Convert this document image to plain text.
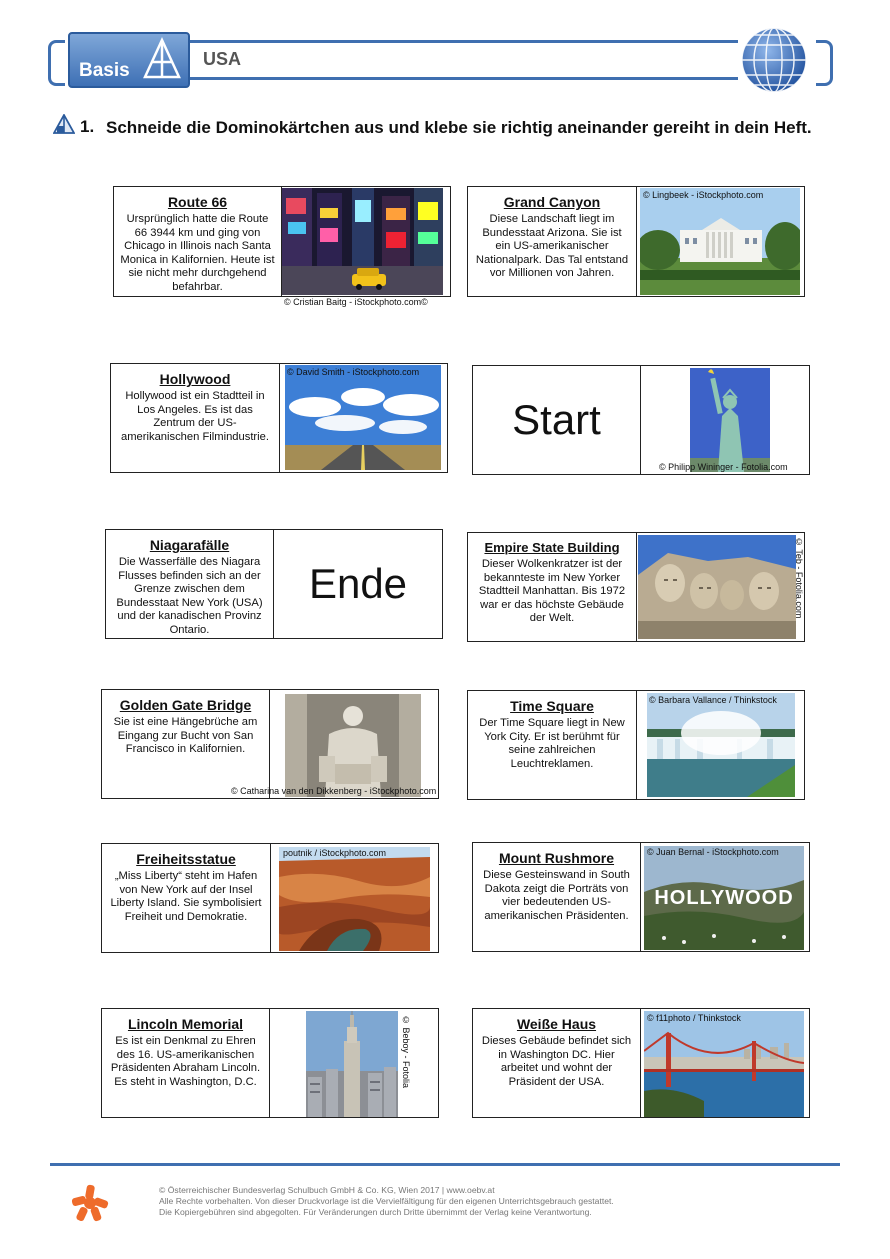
Basis
USA
1. Schneide die Dominokärtchen aus und klebe sie richtig aneinander gereiht in dein Heft.
Route 66
Ursprünglich hatte die Route 66 3944 km und ging von Chicago in Illinois nach Santa Monica in Kalifornien. Heute ist sie nicht mehr durchgehend befahrbar.
© Cristian Baitg - iStockphoto.com©
Grand Canyon
Diese Landschaft liegt im Bundesstaat Arizona. Sie ist ein US-amerikanischer Nationalpark. Das Tal entstand vor Millionen von Jahren.
© Lingbeek - iStockphoto.com
Hollywood
Hollywood ist ein Stadtteil in Los Angeles. Es ist das Zentrum der US-amerikanischen Filmindustrie.
© David Smith - iStockphoto.com
Start
© Philipp Wininger - Fotolia.com
Niagarafälle
Die Wasserfälle des Niagara Flusses befinden sich an der Grenze zwischen dem Bundesstaat New York (USA) und der kanadischen Provinz Ontario.
Ende
Empire State Building
Dieser Wolkenkratzer ist der bekannteste im New Yorker Stadtteil Manhattan. Bis 1972 war er das höchste Gebäude der Welt.	© Teb - Fotolia.com
Golden Gate Bridge
Sie ist eine Hängebrüche am Eingang zur Bucht von San Francisco in Kalifornien.
© Catharina van den Dikkenberg - iStockphoto.com
Time Square
Der Time Square liegt in New York City. Er ist berühmt für seine zahlreichen Leuchtreklamen.
© Barbara Vallance / Thinkstock
Freiheitsstatue
„Miss Liberty“ steht im Hafen von New York auf der Insel Liberty Island. Sie symbolisiert Freiheit und Demokratie.
poutnik / iStockphoto.com	Mount Rushmore
Diese Gesteinswand in South Dakota zeigt die Porträts von vier bedeutenden US-amerikanischen Präsidenten.
HOLLYWOOD
© Juan Bernal - iStockphoto.com
Lincoln Memorial
Es ist ein Denkmal zu Ehren des 16. US-amerikanischen Präsidenten Abraham Lincoln. Es steht in Washington, D.C.	© Beboy - Fotolia	Weiße Haus
Dieses Gebäude befindet sich in Washington DC. Hier arbeitet und wohnt der Präsident der USA.
© f11photo / Thinkstock
© Österreichischer Bundesverlag Schulbuch GmbH & Co. KG, Wien 2017 | www.oebv.at
Alle Rechte vorbehalten. Von dieser Druckvorlage ist die Vervielfältigung für den eigenen Unterrichtsgebrauch gestattet.
Die Kopiergebühren sind abgegolten. Für Veränderungen durch Dritte übernimmt der Verlag keine Verantwortung.
